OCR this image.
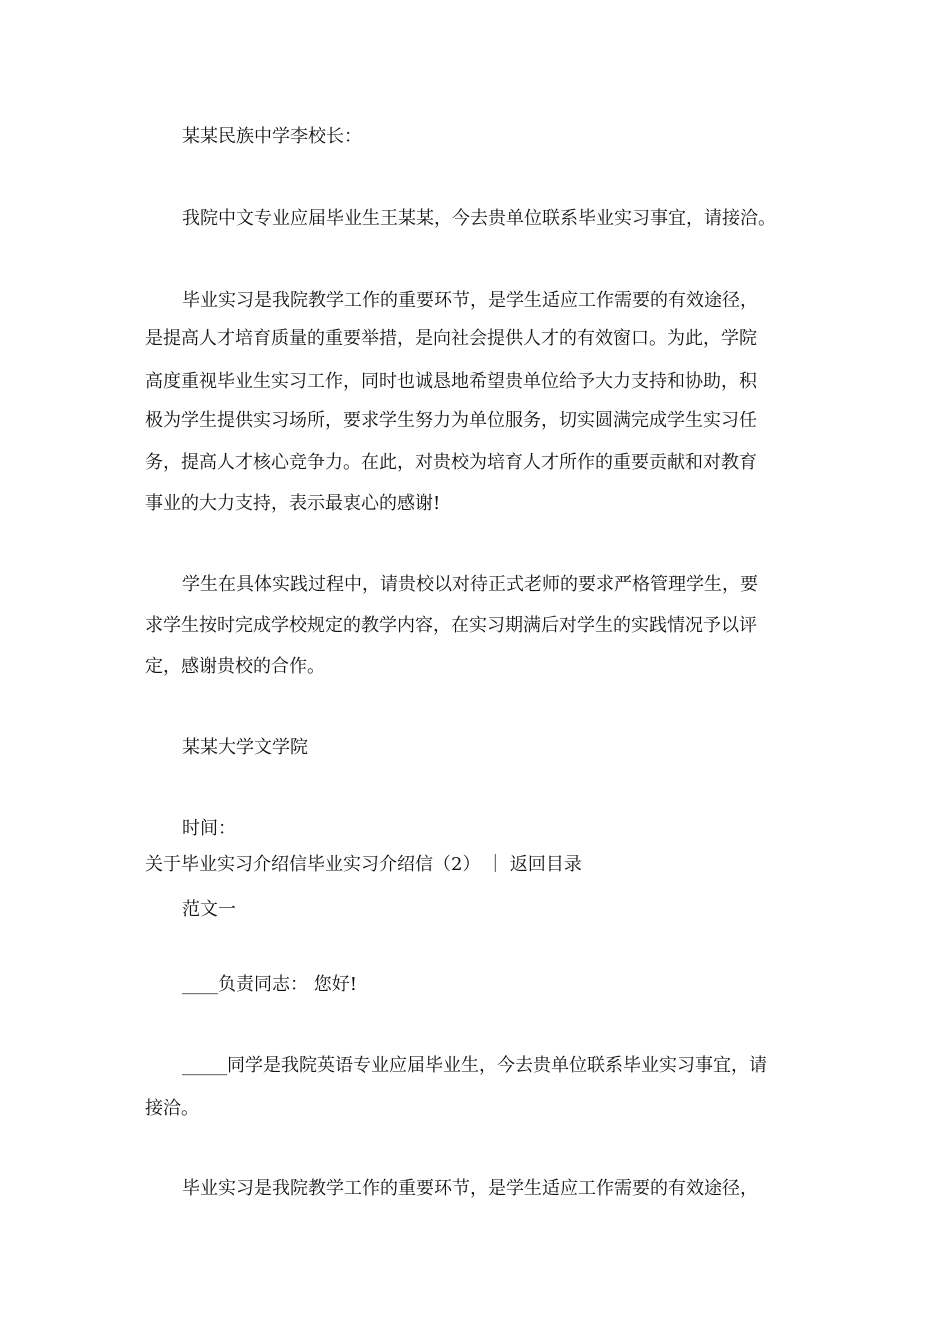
某某民族中学李校长：

我院中文专业应届毕业生王某某，今去贵单位联系毕业实习事宜，请接洽。

毕业实习是我院教学工作的重要环节，是学生适应工作需要的有效途径，

是提高人才培育质量的重要举措，是向社会提供人才的有效窗口。为此，学院

高度重视毕业生实习工作，同时也诚恳地希望贵单位给予大力支持和协助，积

极为学生提供实习场所，要求学生努力为单位服务，切实圆满完成学生实习任

务，提高人才核心竞争力。在此，对贵校为培育人才所作的重要贡献和对教育

事业的大力支持，表示最衷心的感谢!

学生在具体实践过程中，请贵校以对待正式老师的要求严格管理学生，要

求学生按时完成学校规定的教学内容，在实习期满后对学生的实践情况予以评

定，感谢贵校的合作。

某某大学文学院

时间：

关于毕业实习介绍信毕业实习介绍信（2） ｜ 返回目录

范文一

____负责同志： 您好!

_____同学是我院英语专业应届毕业生，今去贵单位联系毕业实习事宜，请

接洽。

毕业实习是我院教学工作的重要环节，是学生适应工作需要的有效途径，
